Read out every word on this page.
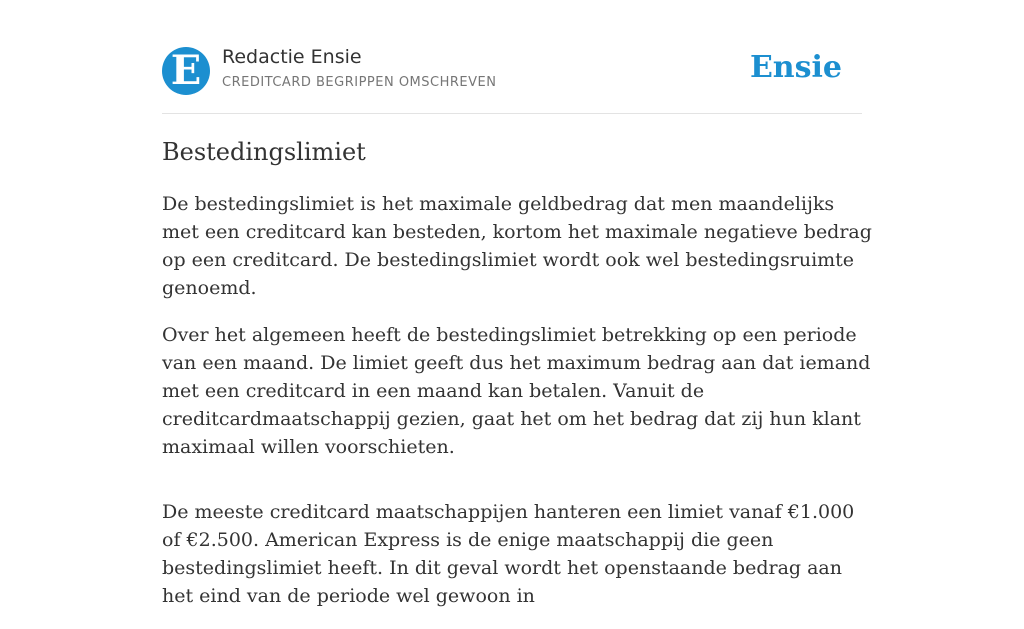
E	Redactie Ensie
CREDITCARD BEGRIPPEN OMSCHREVEN	Ensie
Bestedingslimiet

De bestedingslimiet is het maximale geldbedrag dat men maandelijks met een creditcard kan besteden, kortom het maximale negatieve bedrag op een creditcard. De bestedingslimiet wordt ook wel bestedingsruimte genoemd.

Over het algemeen heeft de bestedingslimiet betrekking op een periode van een maand. De limiet geeft dus het maximum bedrag aan dat iemand met een creditcard in een maand kan betalen. Vanuit de creditcardmaatschappij gezien, gaat het om het bedrag dat zij hun klant maximaal willen voorschieten.

De meeste creditcard maatschappijen hanteren een limiet vanaf €1.000 of €2.500. American Express is de enige maatschappij die geen bestedingslimiet heeft. In dit geval wordt het openstaande bedrag aan het eind van de periode wel gewoon in
